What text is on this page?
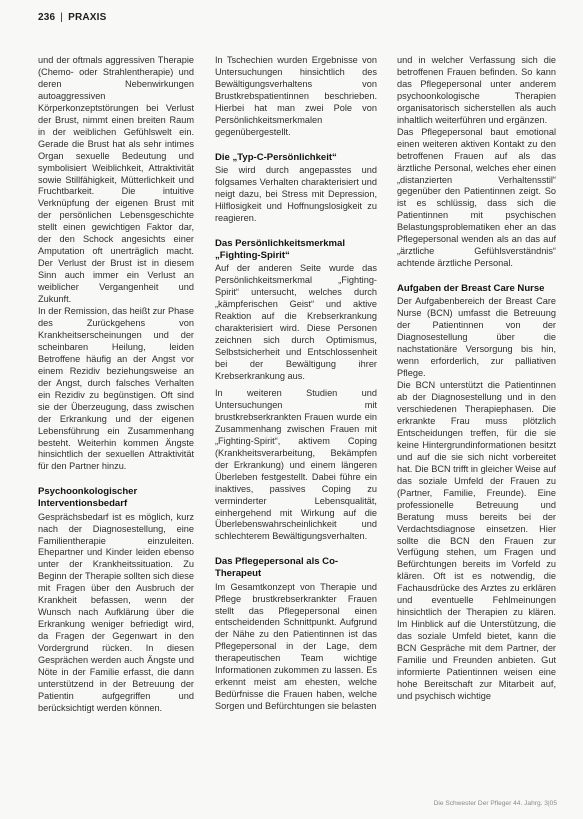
236 | PRAXIS

und der oftmals aggressiven Therapie (Chemo- oder Strahlentherapie) und deren Nebenwirkungen autoaggressiven Körperkonzeptstörungen bei Verlust der Brust, nimmt einen breiten Raum in der weiblichen Gefühlswelt ein. Gerade die Brust hat als sehr intimes Organ sexuelle Bedeutung und symbolisiert Weiblichkeit, Attraktivität sowie Stillfähigkeit, Mütterlichkeit und Fruchtbarkeit. Die intuitive Verknüpfung der eigenen Brust mit der persönlichen Lebensgeschichte stellt einen gewichtigen Faktor dar, der den Schock angesichts einer Amputation oft unerträglich macht. Der Verlust der Brust ist in diesem Sinn auch immer ein Verlust an weiblicher Vergangenheit und Zukunft.

In der Remission, das heißt zur Phase des Zurückgehens von Krankheitserscheinungen und der scheinbaren Heilung, leiden Betroffene häufig an der Angst vor einem Rezidiv beziehungsweise an der Angst, durch falsches Verhalten ein Rezidiv zu begünstigen. Oft sind sie der Überzeugung, dass zwischen der Erkrankung und der eigenen Lebensführung ein Zusammenhang besteht. Weiterhin kommen Ängste hinsichtlich der sexuellen Attraktivität für den Partner hinzu.

Psychoonkologischer Interventionsbedarf

Gesprächsbedarf ist es möglich, kurz nach der Diagnosestellung, eine Familientherapie einzuleiten. Ehepartner und Kinder leiden ebenso unter der Krankheitssituation. Zu Beginn der Therapie sollten sich diese mit Fragen über den Ausbruch der Krankheit befassen, wenn der Wunsch nach Aufklärung über die Erkrankung weniger befriedigt wird, da Fragen der Gegenwart in den Vordergrund rücken. In diesen Gesprächen werden auch Ängste und Nöte in der Familie erfasst, die dann unterstützend in der Betreuung der Patientin aufgegriffen und berücksichtigt werden können.

In Tschechien wurden Ergebnisse von Untersuchungen hinsichtlich des Bewältigungsverhaltens von Brustkrebspatientinnen beschrieben. Hierbei hat man zwei Pole von Persönlichkeitsmerkmalen gegenübergestellt.

Die „Typ-C-Persönlichkeit“

Sie wird durch angepasstes und folgsames Verhalten charakterisiert und neigt dazu, bei Stress mit Depression, Hilflosigkeit und Hoffnungslosigkeit zu reagieren.

Das Persönlichkeitsmerkmal „Fighting-Spirit“

Auf der anderen Seite wurde das Persönlichkeitsmerkmal „Fighting-Spirit“ untersucht, welches durch „kämpferischen Geist“ und aktive Reaktion auf die Krebserkrankung charakterisiert wird. Diese Personen zeichnen sich durch Optimismus, Selbstsicherheit und Entschlossenheit bei der Bewältigung ihrer Krebserkrankung aus.

In weiteren Studien und Untersuchungen mit brustkrebserkrankten Frauen wurde ein Zusammenhang zwischen Frauen mit „Fighting-Spirit“, aktivem Coping (Krankheitsverarbeitung, Bekämpfen der Erkrankung) und einem längeren Überleben festgestellt. Dabei führe ein inaktives, passives Coping zu verminderter Lebensqualität, einhergehend mit Wirkung auf die Überlebenswahrscheinlichkeit und schlechterem Bewältigungsverhalten.

Das Pflegepersonal als Co-Therapeut

Im Gesamtkonzept von Therapie und Pflege brustkrebserkrankter Frauen stellt das Pflegepersonal einen entscheidenden Schnittpunkt. Aufgrund der Nähe zu den Patientinnen ist das Pflegepersonal in der Lage, dem therapeutischen Team wichtige Informationen zukommen zu lassen. Es erkennt meist am ehesten, welche Bedürfnisse die Frauen haben, welche Sorgen und Befürchtungen sie belasten

und in welcher Verfassung sich die betroffenen Frauen befinden. So kann das Pflegepersonal unter anderem psychoonkologische Therapien organisatorisch sicherstellen als auch inhaltlich weiterführen und ergänzen.

Das Pflegepersonal baut emotional einen weiteren aktiven Kontakt zu den betroffenen Frauen auf als das ärztliche Personal, welches eher einen „distanzierten Verhaltensstil“ gegenüber den Patientinnen zeigt. So ist es schlüssig, dass sich die Patientinnen mit psychischen Belastungsproblematiken eher an das Pflegepersonal wenden als an das auf „ärztliche Gefühlsverständnis“ achtende ärztliche Personal.

Aufgaben der Breast Care Nurse

Der Aufgabenbereich der Breast Care Nurse (BCN) umfasst die Betreuung der Patientinnen von der Diagnosestellung über die nachstationäre Versorgung bis hin, wenn erforderlich, zur palliativen Pflege.

Die BCN unterstützt die Patientinnen ab der Diagnosestellung und in den verschiedenen Therapiephasen. Die erkrankte Frau muss plötzlich Entscheidungen treffen, für die sie keine Hintergrundinformationen besitzt und auf die sie sich nicht vorbereitet hat. Die BCN trifft in gleicher Weise auf das soziale Umfeld der Frauen zu (Partner, Familie, Freunde). Eine professionelle Betreuung und Beratung muss bereits bei der Verdachtsdiagnose einsetzen. Hier sollte die BCN den Frauen zur Verfügung stehen, um Fragen und Befürchtungen bereits im Vorfeld zu klären. Oft ist es notwendig, die Fachausdrücke des Arztes zu erklären und eventuelle Fehlmeinungen hinsichtlich der Therapien zu klären. Im Hinblick auf die Unterstützung, die das soziale Umfeld bietet, kann die BCN Gespräche mit dem Partner, der Familie und Freunden anbieten. Gut informierte Patientinnen weisen eine hohe Bereitschaft zur Mitarbeit auf, und psychisch wichtige

Die Schwester Der Pfleger 44. Jahrg. 3|05
